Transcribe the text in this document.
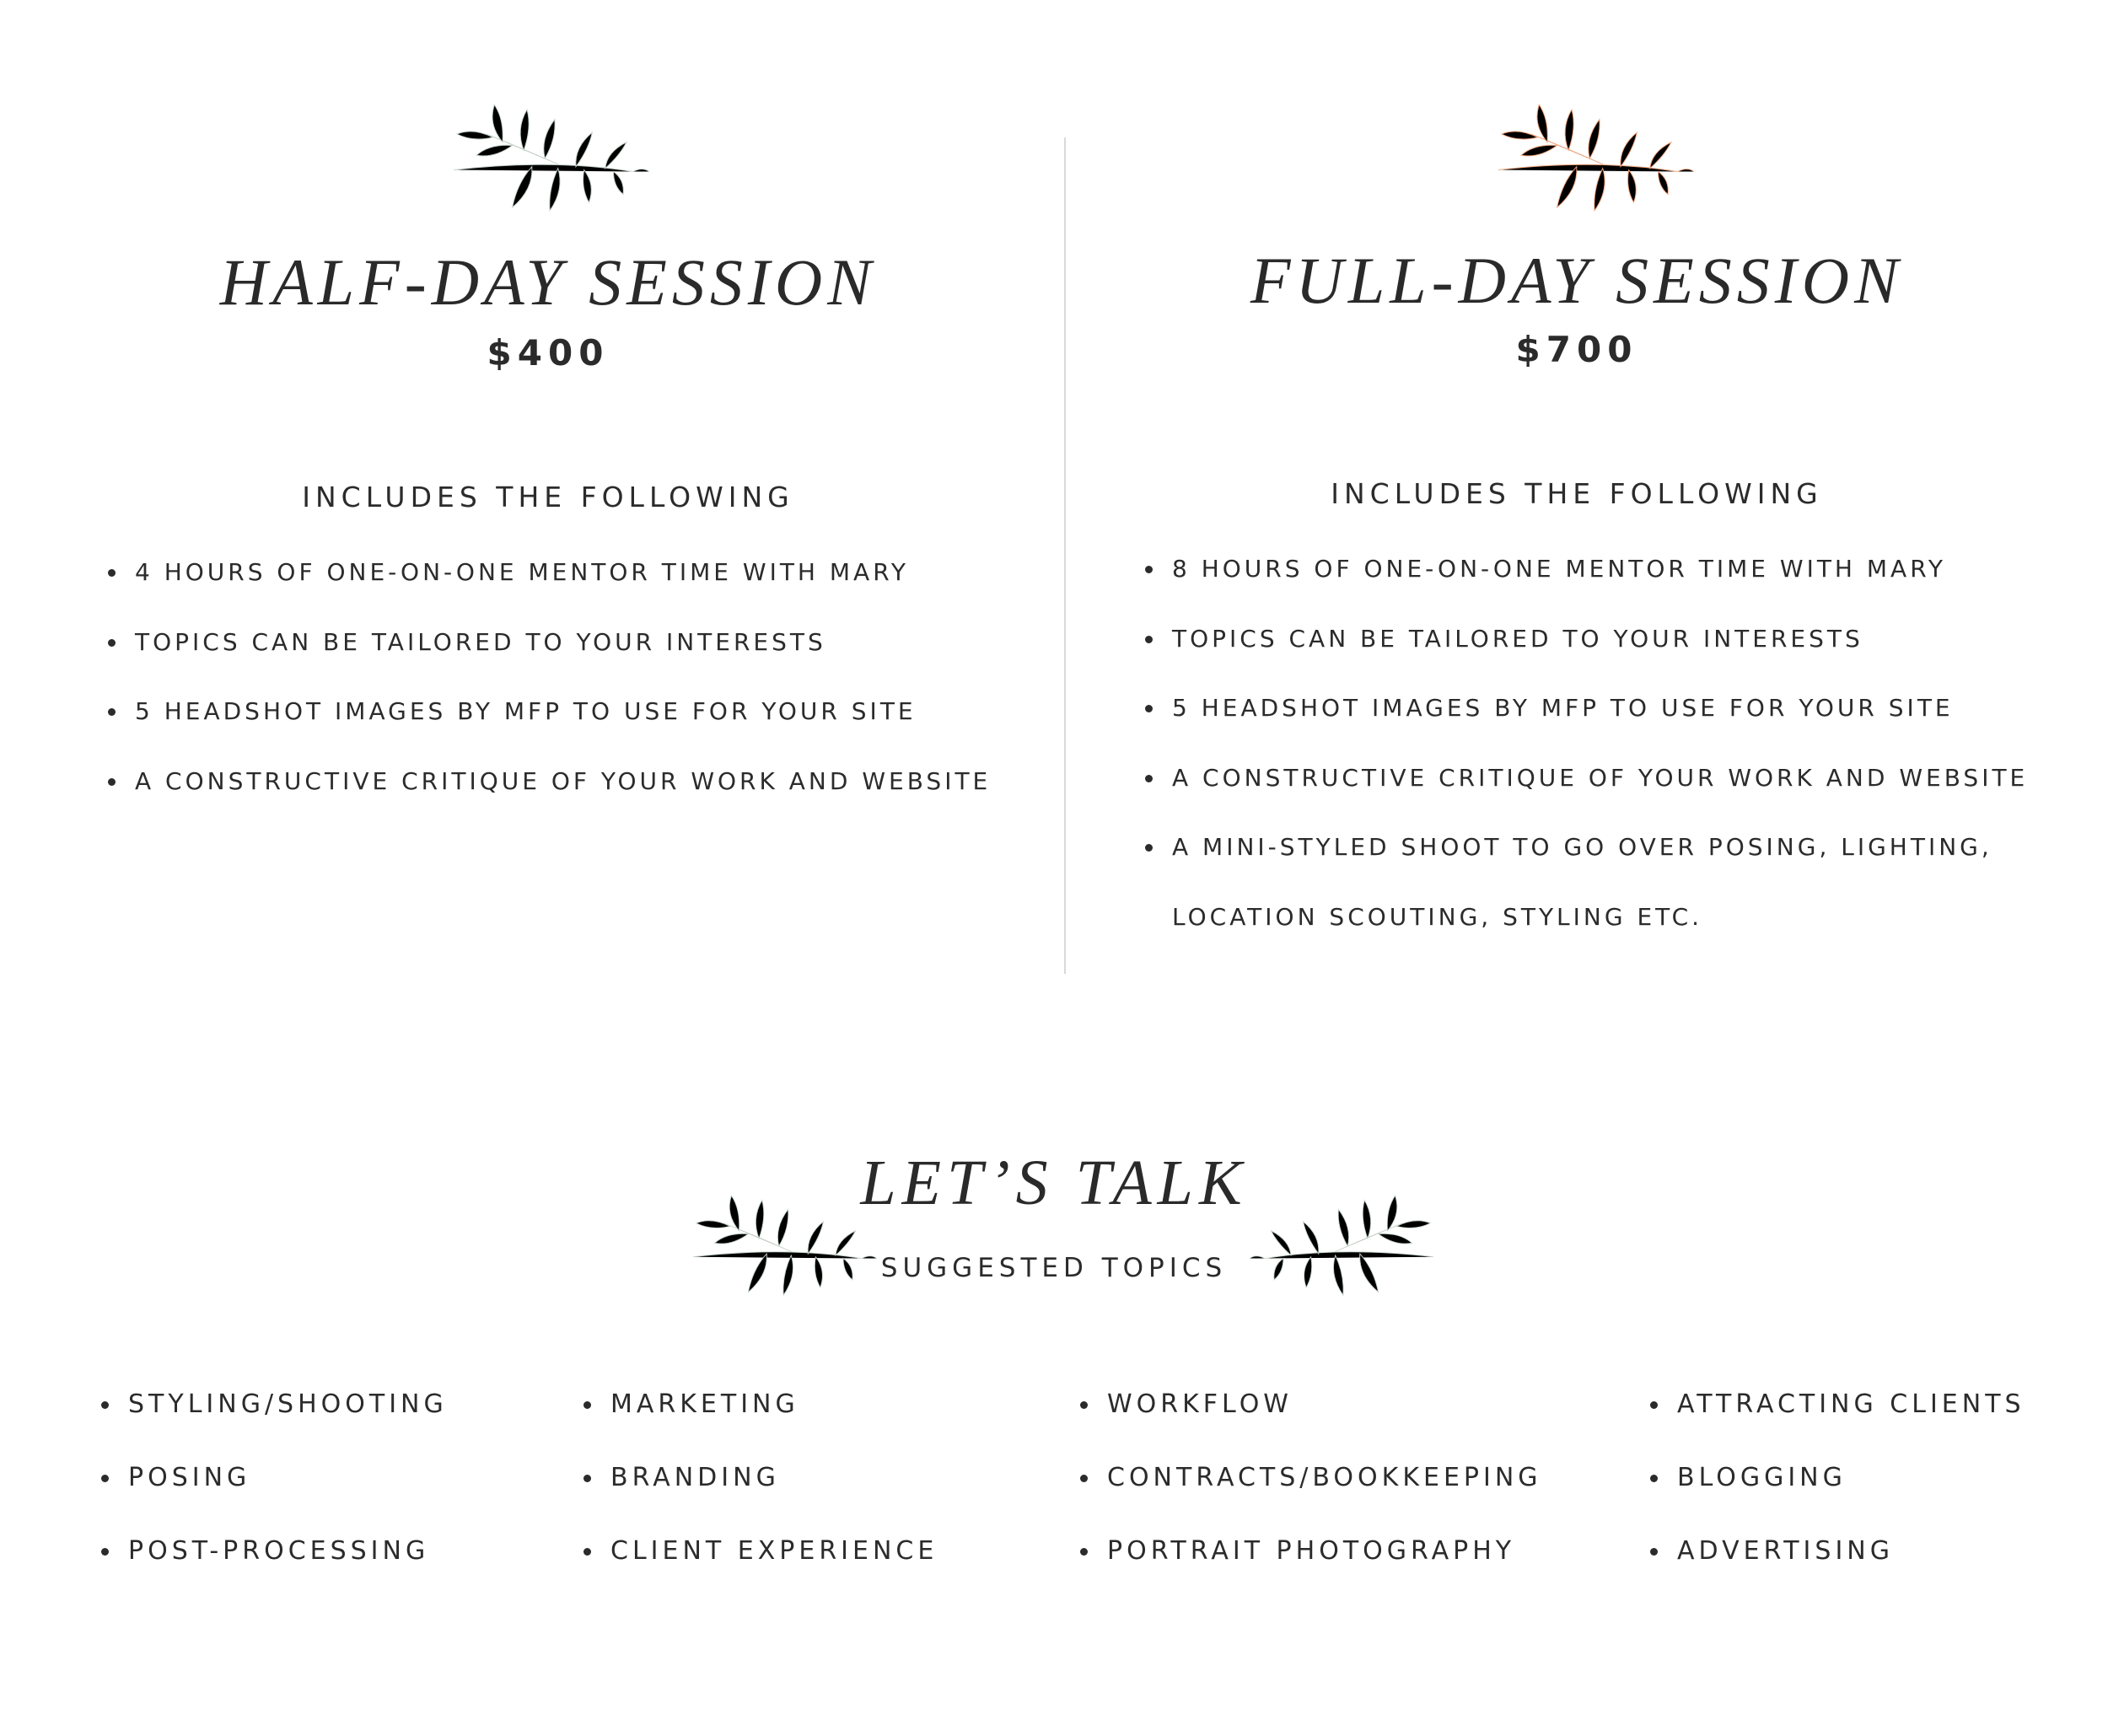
HALF-DAY SESSION
$400
INCLUDES THE FOLLOWING
4 HOURS OF ONE-ON-ONE MENTOR TIME WITH MARY
TOPICS CAN BE TAILORED TO YOUR INTERESTS
5 HEADSHOT IMAGES BY MFP TO USE FOR YOUR SITE
A CONSTRUCTIVE CRITIQUE OF YOUR WORK AND WEBSITE
FULL-DAY SESSION
$700
INCLUDES THE FOLLOWING
8 HOURS OF ONE-ON-ONE MENTOR TIME WITH MARY
TOPICS CAN BE TAILORED TO YOUR INTERESTS
5 HEADSHOT IMAGES BY MFP TO USE FOR YOUR SITE
A CONSTRUCTIVE CRITIQUE OF YOUR WORK AND WEBSITE
A MINI-STYLED SHOOT TO GO OVER POSING, LIGHTING,
LOCATION SCOUTING, STYLING ETC.
LET’S TALK
SUGGESTED TOPICS
STYLING/SHOOTING
POSING
POST-PROCESSING
MARKETING
BRANDING
CLIENT EXPERIENCE
WORKFLOW
CONTRACTS/BOOKKEEPING
PORTRAIT PHOTOGRAPHY
ATTRACTING CLIENTS
BLOGGING
ADVERTISING
